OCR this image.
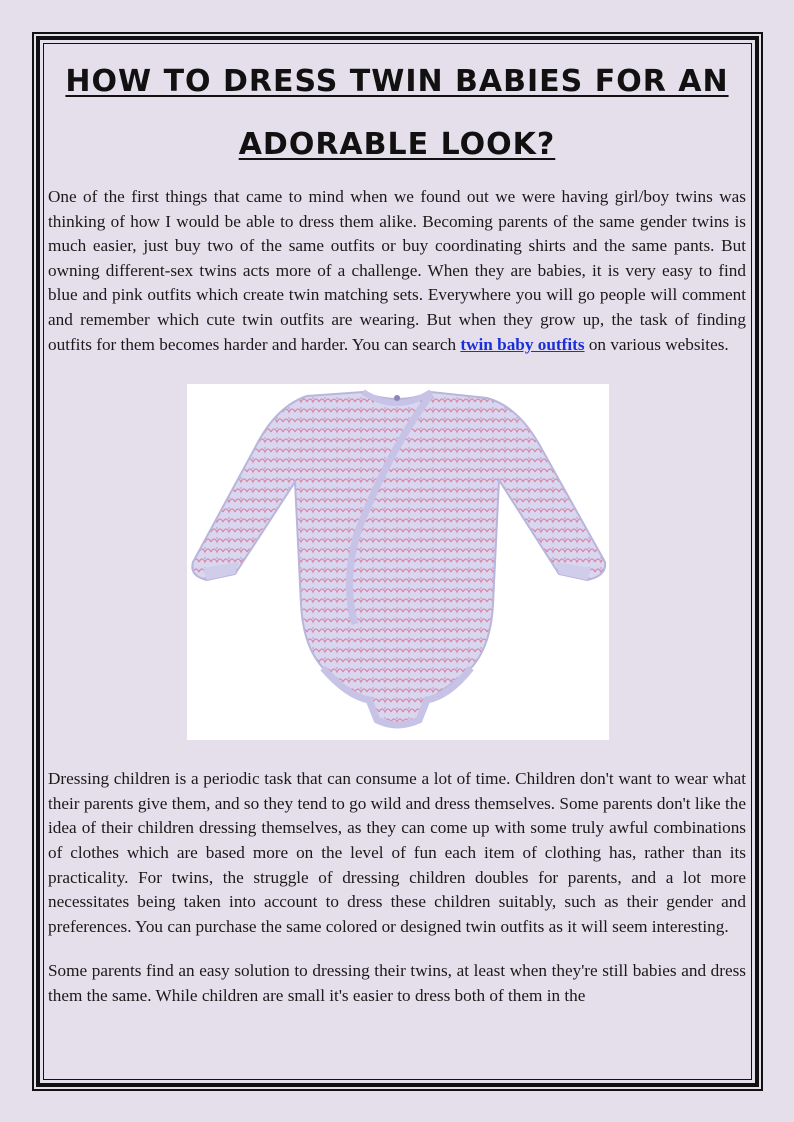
HOW TO DRESS TWIN BABIES FOR AN
ADORABLE LOOK?

One of the first things that came to mind when we found out we were having girl/boy twins was thinking of how I would be able to dress them alike. Becoming parents of the same gender twins is much easier, just buy two of the same outfits or buy coordinating shirts and the same pants. But owning different-sex twins acts more of a challenge. When they are babies, it is very easy to find blue and pink outfits which create twin matching sets. Everywhere you will go people will comment and remember which cute twin outfits are wearing. But when they grow up, the task of finding outfits for them becomes harder and harder. You can search twin baby outfits on various websites.

Dressing children is a periodic task that can consume a lot of time. Children don't want to wear what their parents give them, and so they tend to go wild and dress themselves. Some parents don't like the idea of their children dressing themselves, as they can come up with some truly awful combinations of clothes which are based more on the level of fun each item of clothing has, rather than its practicality. For twins, the struggle of dressing children doubles for parents, and a lot more necessitates being taken into account to dress these children suitably, such as their gender and preferences. You can purchase the same colored or designed twin outfits as it will seem interesting.

Some parents find an easy solution to dressing their twins, at least when they're still babies and dress them the same. While children are small it's easier to dress both of them in the
